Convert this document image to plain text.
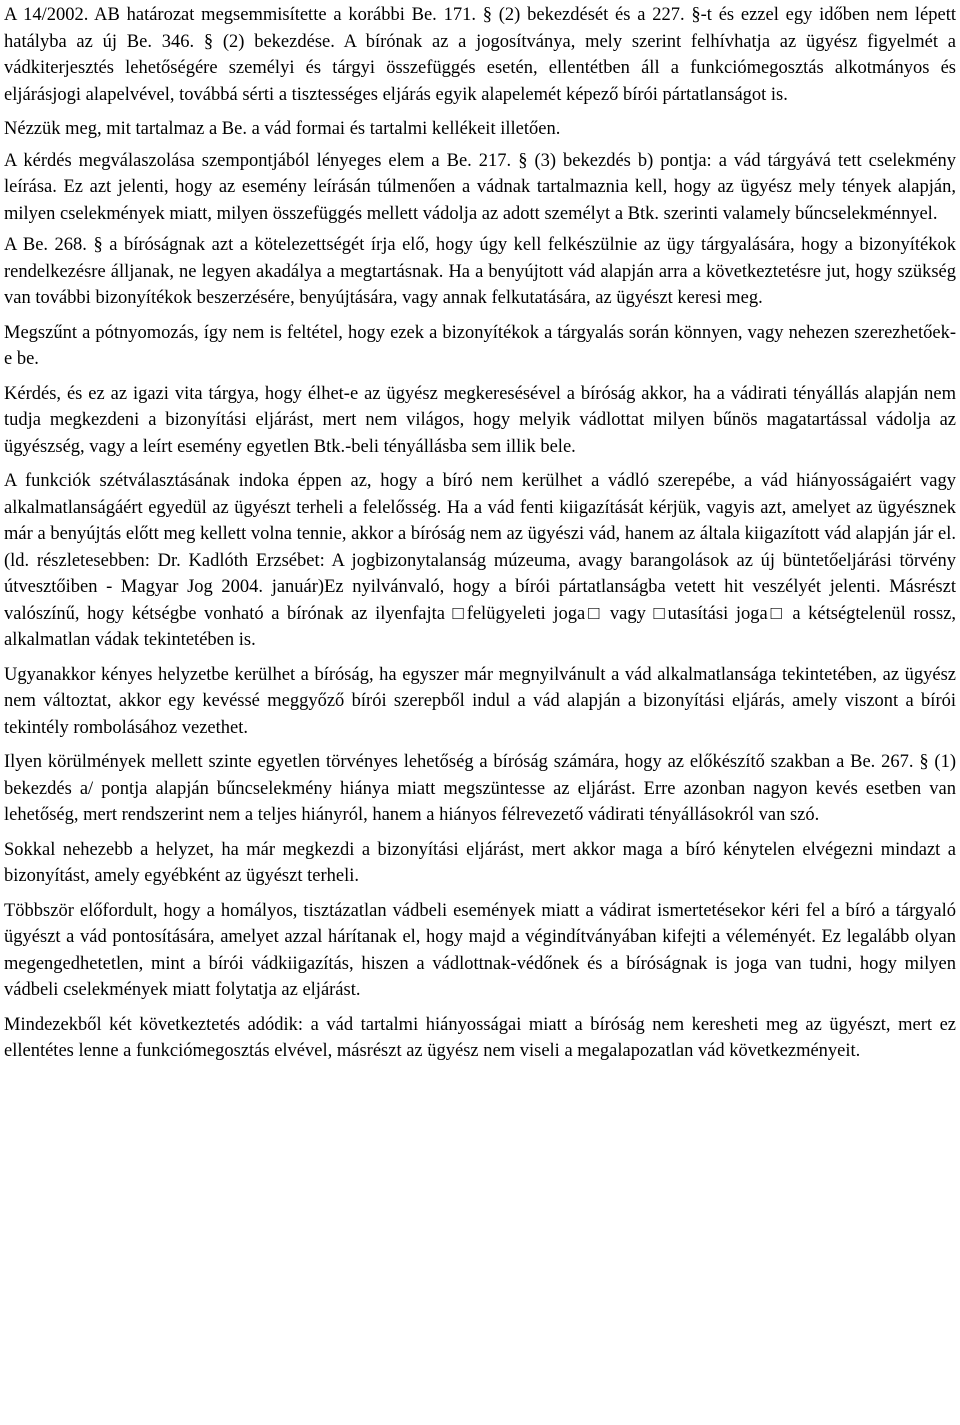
A 14/2002. AB határozat megsemmisítette a korábbi Be. 171. § (2) bekezdését és a 227. §-t és ezzel egy időben nem lépett hatályba az új Be. 346. § (2) bekezdése. A bírónak az a jogosítványa, mely szerint felhívhatja az ügyész figyelmét a vádkiterjesztés lehetőségére személyi és tárgyi összefüggés esetén, ellentétben áll a funkciómegosztás alkotmányos és eljárásjogi alapelvével, továbbá sérti a tisztességes eljárás egyik alapelemét képező bírói pártatlanságot is.

Nézzük meg, mit tartalmaz a Be. a vád formai és tartalmi kellékeit illetően.

A kérdés megválaszolása szempontjából lényeges elem a Be. 217. § (3) bekezdés b) pontja: a vád tárgyává tett cselekmény leírása. Ez azt jelenti, hogy az esemény leírásán túlmenően a vádnak tartalmaznia kell, hogy az ügyész mely tények alapján, milyen cselekmények miatt, milyen összefüggés mellett vádolja az adott személyt a Btk. szerinti valamely bűncselekménnyel.

A Be. 268. § a bíróságnak azt a kötelezettségét írja elő, hogy úgy kell felkészülnie az ügy tárgyalására, hogy a bizonyítékok rendelkezésre álljanak, ne legyen akadálya a megtartásnak. Ha a benyújtott vád alapján arra a következtetésre jut, hogy szükség van további bizonyítékok beszerzésére, benyújtására, vagy annak felkutatására, az ügyészt keresi meg.

Megszűnt a pótnyomozás, így nem is feltétel, hogy ezek a bizonyítékok a tárgyalás során könnyen, vagy nehezen szerezhetőek-e be.

Kérdés, és ez az igazi vita tárgya, hogy élhet-e az ügyész megkeresésével a bíróság akkor, ha a vádirati tényállás alapján nem tudja megkezdeni a bizonyítási eljárást, mert nem világos, hogy melyik vádlottat milyen bűnös magatartással vádolja az ügyészség, vagy a leírt esemény egyetlen Btk.-beli tényállásba sem illik bele.

A funkciók szétválasztásának indoka éppen az, hogy a bíró nem kerülhet a vádló szerepébe, a vád hiányosságaiért vagy alkalmatlanságáért egyedül az ügyészt terheli a felelősség. Ha a vád fenti kiigazítását kérjük, vagyis azt, amelyet az ügyésznek már a benyújtás előtt meg kellett volna tennie, akkor a bíróság nem az ügyészi vád, hanem az általa kiigazított vád alapján jár el. (ld. részletesebben: Dr. Kadlóth Erzsébet: A jogbizonytalanság múzeuma, avagy barangolások az új büntetőeljárási törvény útvesztőiben - Magyar Jog 2004. január)Ez nyilvánvaló, hogy a bírói pártatlanságba vetett hit veszélyét jelenti. Másrészt valószínű, hogy kétségbe vonható a bírónak az ilyenfajta □felügyeleti joga□ vagy □utasítási joga□ a kétségtelenül rossz, alkalmatlan vádak tekintetében is.

Ugyanakkor kényes helyzetbe kerülhet a bíróság, ha egyszer már megnyilvánult a vád alkalmatlansága tekintetében, az ügyész nem változtat, akkor egy kevéssé meggyőző bírói szerepből indul a vád alapján a bizonyítási eljárás, amely viszont a bírói tekintély rombolásához vezethet.

Ilyen körülmények mellett szinte egyetlen törvényes lehetőség a bíróság számára, hogy az előkészítő szakban a Be. 267. § (1) bekezdés a/ pontja alapján bűncselekmény hiánya miatt megszüntesse az eljárást. Erre azonban nagyon kevés esetben van lehetőség, mert rendszerint nem a teljes hiányról, hanem a hiányos félrevezető vádirati tényállásokról van szó.

Sokkal nehezebb a helyzet, ha már megkezdi a bizonyítási eljárást, mert akkor maga a bíró kénytelen elvégezni mindazt a bizonyítást, amely egyébként az ügyészt terheli.

Többször előfordult, hogy a homályos, tisztázatlan vádbeli események miatt a vádirat ismertetésekor kéri fel a bíró a tárgyaló ügyészt a vád pontosítására, amelyet azzal hárítanak el, hogy majd a végindítványában kifejti a véleményét. Ez legalább olyan megengedhetetlen, mint a bírói vádkiigazítás, hiszen a vádlottnak-védőnek és a bíróságnak is joga van tudni, hogy milyen vádbeli cselekmények miatt folytatja az eljárást.

Mindezekből két következtetés adódik: a vád tartalmi hiányosságai miatt a bíróság nem keresheti meg az ügyészt, mert ez ellentétes lenne a funkciómegosztás elvével, másrészt az ügyész nem viseli a megalapozatlan vád következményeit.
